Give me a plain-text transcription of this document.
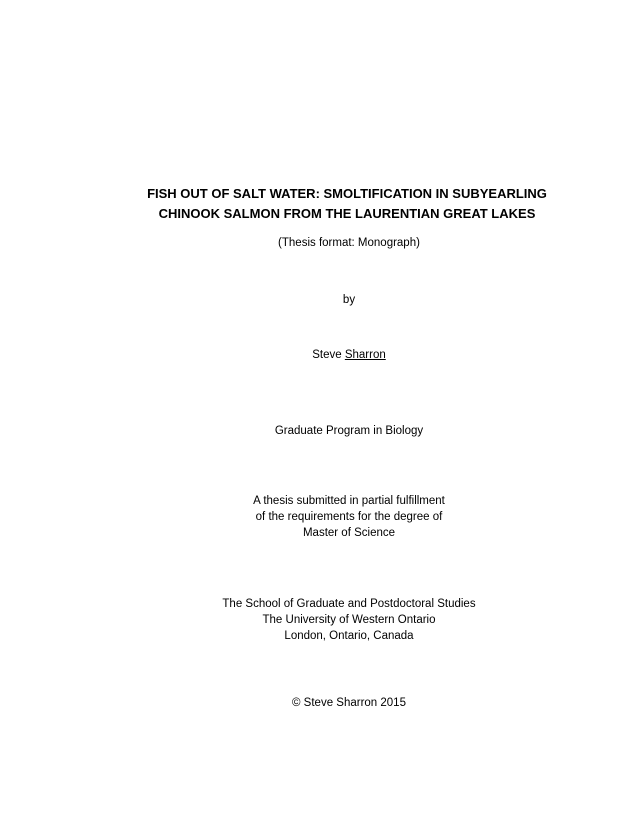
FISH OUT OF SALT WATER: SMOLTIFICATION IN SUBYEARLING
CHINOOK SALMON FROM THE LAURENTIAN GREAT LAKES
(Thesis format: Monograph)
by
Steve Sharron
Graduate Program in Biology
A thesis submitted in partial fulfillment
of the requirements for the degree of
Master of Science
The School of Graduate and Postdoctoral Studies
The University of Western Ontario
London, Ontario, Canada
© Steve Sharron 2015
